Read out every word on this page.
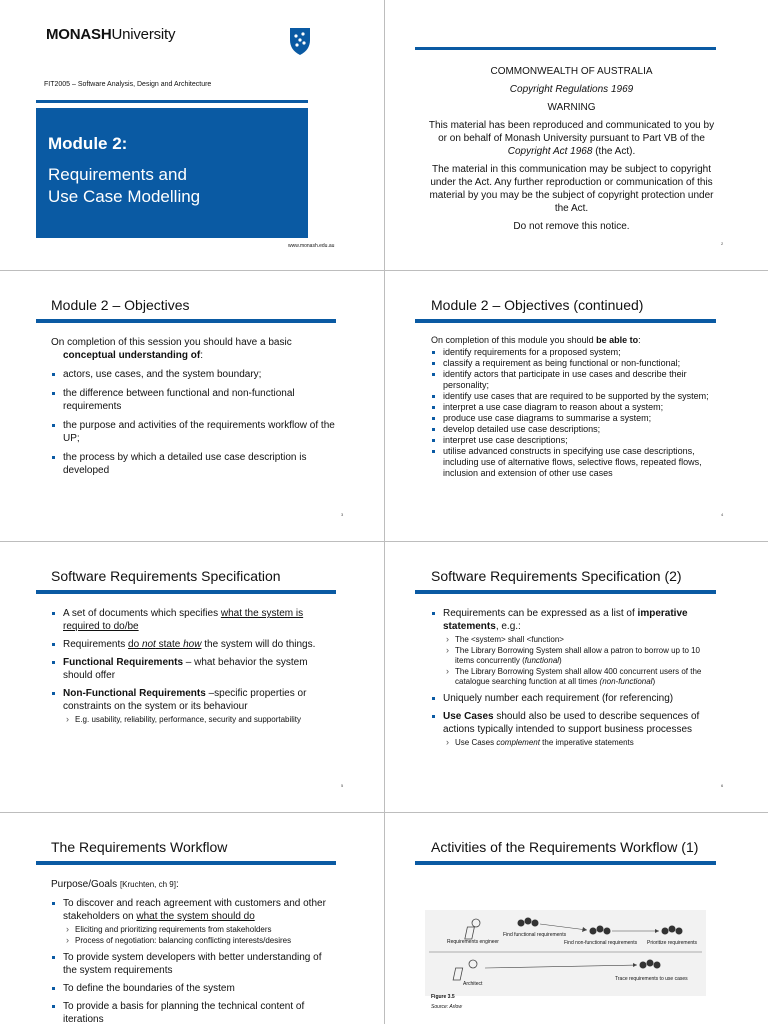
MONASHUniversity
FIT2005 – Software Analysis, Design and Architecture
Module 2:
Requirements and
Use Case Modelling
www.monash.edu.au
COMMONWEALTH OF AUSTRALIA
Copyright Regulations 1969
WARNING
This material has been reproduced and communicated to you by or on behalf of Monash University pursuant to Part VB of the Copyright Act 1968 (the Act).
The material in this communication may be subject to copyright under the Act. Any further reproduction or communication of this material by you may be the subject of copyright protection under the Act.
Do not remove this notice.
2
Module 2 – Objectives
On completion of this session you should have a basic
conceptual understanding of:
actors, use cases, and the system boundary;
the difference between functional and non-functional requirements
the purpose and activities of the requirements workflow of the UP;
the process by which a detailed use case description is developed
3
Module 2 – Objectives (continued)
On completion of this module you should be able to:
identify requirements for a proposed system;
classify a requirement as being functional or non-functional;
identify actors that participate in use cases and describe their personality;
identify use cases that are required to be supported by the system;
interpret a use case diagram to reason about a system;
produce use case diagrams to summarise a system;
develop detailed use case descriptions;
interpret use case descriptions;
utilise advanced constructs in specifying use case descriptions, including use of alternative flows, selective flows, repeated flows, inclusion and extension of other use cases
4
Software Requirements Specification
A set of documents which specifies what the system is required to do/be
Requirements do not state how the system will do things.
Functional Requirements – what behavior the system should offer
Non-Functional Requirements –specific properties or constraints on the system or its behaviour
› E.g. usability, reliability, performance, security and supportability
5
Software Requirements Specification (2)
Requirements can be expressed as a list of imperative statements, e.g.:
› The <system> shall <function>
› The Library Borrowing System shall allow a patron to borrow up to 10 items concurrently (functional)
› The Library Borrowing System shall allow 400 concurrent users of the catalogue searching function at all times (non-functional)
Uniquely number each requirement (for referencing)
Use Cases should also be used to describe sequences of actions typically intended to support business processes
› Use Cases complement the imperative statements
6
The Requirements Workflow
Purpose/Goals [Kruchten, ch 9]:
To discover and reach agreement with customers and other stakeholders on what the system should do
› Eliciting and prioritizing requirements from stakeholders
› Process of negotiation: balancing conflicting interests/desires
To provide system developers with better understanding of the system requirements
To define the boundaries of the system
To provide a basis for planning the technical content of iterations
Activities of the Requirements Workflow (1)
Requirements engineer
Find functional requirements
Find non-functional requirements Prioritize requirements
Architect
Trace requirements to use cases
Figure 3.5
Source: Arlow
